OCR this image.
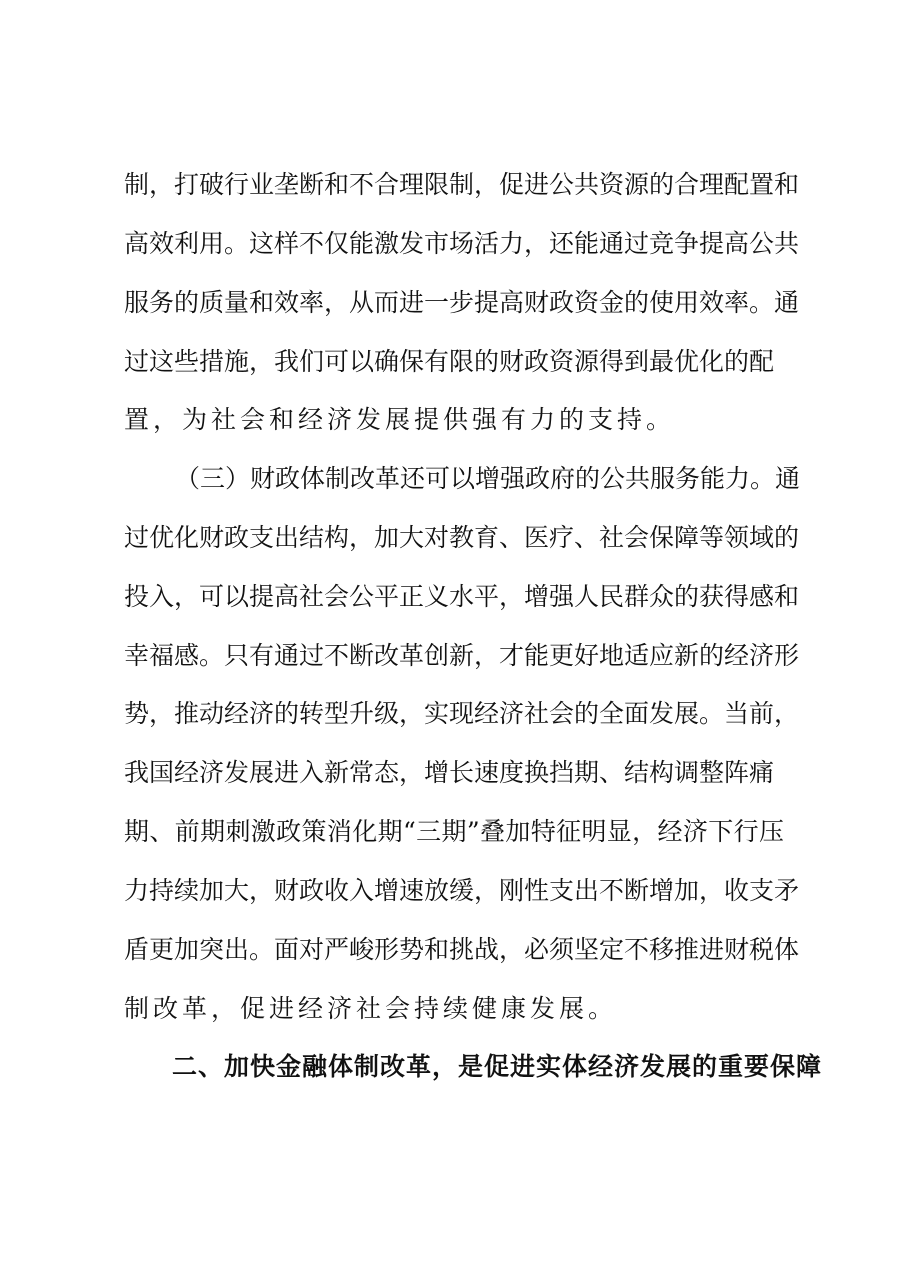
制，打破行业垄断和不合理限制，促进公共资源的合理配置和
高效利用。这样不仅能激发市场活力，还能通过竞争提高公共
服务的质量和效率，从而进一步提高财政资金的使用效率。通
过这些措施，我们可以确保有限的财政资源得到最优化的配
置，为社会和经济发展提供强有力的支持。
（三）财政体制改革还可以增强政府的公共服务能力。通
过优化财政支出结构，加大对教育、医疗、社会保障等领域的
投入，可以提高社会公平正义水平，增强人民群众的获得感和
幸福感。只有通过不断改革创新，才能更好地适应新的经济形
势，推动经济的转型升级，实现经济社会的全面发展。当前，
我国经济发展进入新常态，增长速度换挡期、结构调整阵痛
期、前期刺激政策消化期“三期”叠加特征明显，经济下行压
力持续加大，财政收入增速放缓，刚性支出不断增加，收支矛
盾更加突出。面对严峻形势和挑战，必须坚定不移推进财税体
制改革，促进经济社会持续健康发展。
二、加快金融体制改革，是促进实体经济发展的重要保障
